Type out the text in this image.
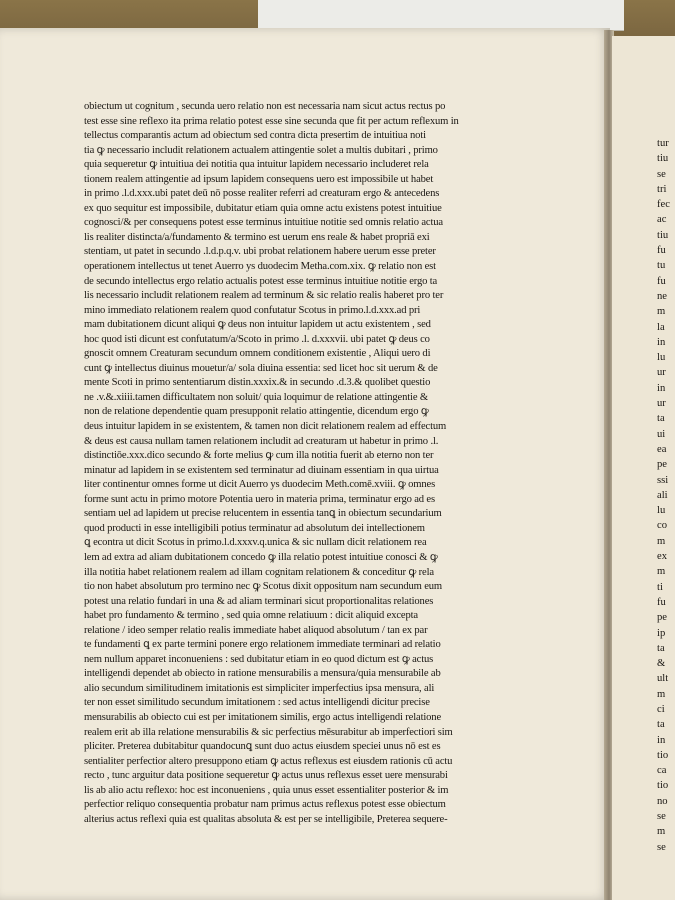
obiectum ut cognitum , secunda uero relatio non est necessaria nam sicut actus rectus po
test esse sine reflexo ita prima relatio potest esse sine secunda que fit per actum reflexum in
tellectus comparantis actum ad obiectum sed contra dicta presertim de intuitiua noti
tia ꝙ necessario includit relationem actualem attingentie solet a multis dubitari , primo
quia sequeretur ꝙ intuitiua dei notitia qua intuitur lapidem necessario includeret rela
tionem realem attingentie ad ipsum lapidem consequens uero est impossibile ut habet
in primo .l.d.xxx.ubi patet deū nō posse realiter referri ad creaturam ergo & antecedens
ex quo sequitur est impossibile, dubitatur etiam quia omne actu existens potest intuitiue
cognosci/& per consequens potest esse terminus intuitiue notitie sed omnis relatio actua
lis realiter distincta/a/fundamento & termino est uerum ens reale & habet propriā exi
stentiam, ut patet in secundo .l.d.p.q.v. ubi probat relationem habere uerum esse preter
operationem intellectus ut tenet Auerro ys duodecim Metha.com.xix. ꝙ relatio non est
de secundo intellectus ergo relatio actualis potest esse terminus intuitiue notitie ergo ta
lis necessario includit relationem realem ad terminum & sic relatio realis haberet pro ter
mino immediato relationem realem quod confutatur Scotus in primo.l.d.xxx.ad pri
mam dubitationem dicunt aliqui ꝙ deus non intuitur lapidem ut actu existentem , sed
hoc quod isti dicunt est confutatum/a/Scoto in primo .l. d.xxxvii. ubi patet ꝙ deus co
gnoscit omnem Creaturam secundum omnem conditionem existentie , Aliqui uero di
cunt ꝙ intellectus diuinus mouetur/a/ sola diuina essentia: sed licet hoc sit uerum & de
mente Scoti in primo sententiarum distin.xxxix.& in secundo .d.3.& quolibet questio
ne .v.&.xiiii.tamen difficultatem non soluit/ quia loquimur de relatione attingentie &
non de relatione dependentie quam presupponit relatio attingentie, dicendum ergo ꝙ
deus intuitur lapidem in se existentem, & tamen non dicit relationem realem ad effectum
& deus est causa nullam tamen relationem includit ad creaturam ut habetur in primo .l.
distinctiōe.xxx.dico secundo & forte melius ꝙ cum illa notitia fuerit ab eterno non ter
minatur ad lapidem in se existentem sed terminatur ad diuinam essentiam in qua uirtua
liter continentur omnes forme ut dicit Auerro ys duodecim Meth.comē.xviii. ꝙ omnes
forme sunt actu in primo motore Potentia uero in materia prima, terminatur ergo ad es
sentiam uel ad lapidem ut precise relucentem in essentia tanꝗ in obiectum secundarium
quod producti in esse intelligibili potius terminatur ad absolutum dei intellectionem
ꝗ econtra ut dicit Scotus in primo.l.d.xxxv.q.unica & sic nullam dicit relationem rea
lem ad extra ad aliam dubitationem concedo ꝙ illa relatio potest intuitiue conosci & ꝙ
illa notitia habet relationem realem ad illam cognitam relationem & conceditur ꝙ rela
tio non habet absolutum pro termino nec ꝙ Scotus dixit oppositum nam secundum eum
potest una relatio fundari in una & ad aliam terminari sicut proportionalitas relationes
habet pro fundamento & termino , sed quia omne relatiuum : dicit aliquid excepta
relatione / ideo semper relatio realis immediate habet aliquod absolutum / tan ex par
te fundamenti ꝗ ex parte termini ponere ergo relationem immediate terminari ad relatio
nem nullum apparet inconueniens : sed dubitatur etiam in eo quod dictum est ꝙ actus
intelligendi dependet ab obiecto in ratione mensurabilis a mensura/quia mensurabile ab
alio secundum similitudinem imitationis est simpliciter imperfectius ipsa mensura, ali
ter non esset similitudo secundum imitationem : sed actus intelligendi dicitur precise
mensurabilis ab obiecto cui est per imitationem similis, ergo actus intelligendi relatione
realem erit ab illa relatione mensurabilis & sic perfectius mēsurabitur ab imperfectiori sim
pliciter. Preterea dubitabitur quandocunꝗ sunt duo actus eiusdem speciei unus nō est es
sentialiter perfectior altero presuppono etiam ꝙ actus reflexus est eiusdem rationis cū actu
recto , tunc arguitur data positione sequeretur ꝙ actus unus reflexus esset uere mensurabi
lis ab alio actu reflexo: hoc est inconueniens , quia unus esset essentialiter posterior & im
perfectior reliquo consequentia probatur nam primus actus reflexus potest esse obiectum
alterius actus reflexi quia est qualitas absoluta & est per se intelligibile, Preterea sequere-
tur
tiu
se
tri
fec
ac
tiu
fu
tu
fu
ne
m
la
in
lu
ur
in
ur
ta
ui
ea
pe
ssi
ali
lu
co
m
ex
m
ti
fu
pe
ip
ta
&
ult
m
ci
ta
in
tio
ca
tio
no
se
m
se
